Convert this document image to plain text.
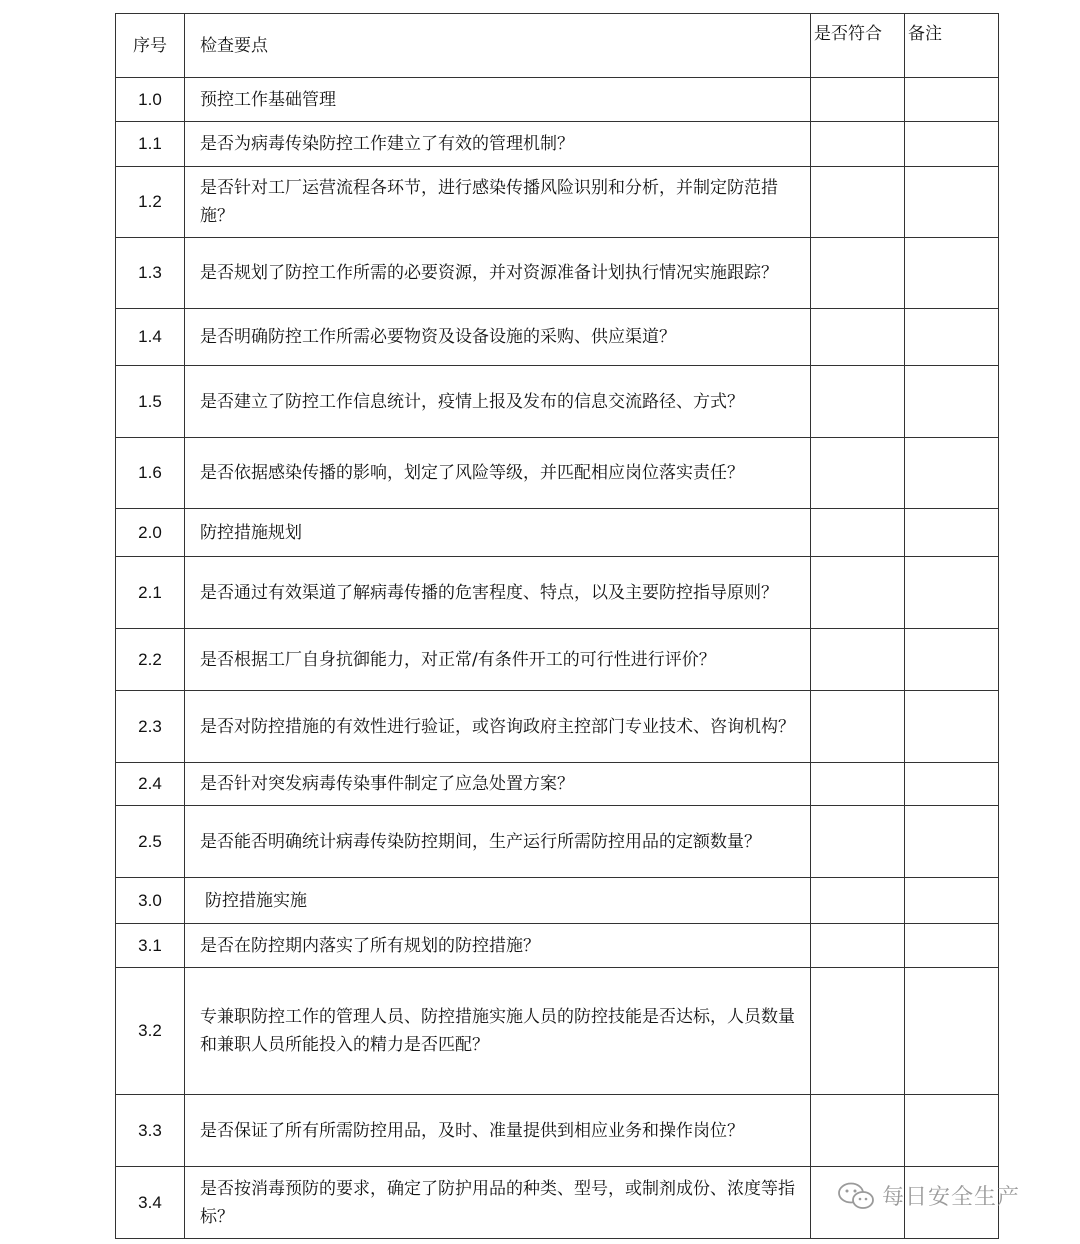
序号	检查要点	是否符合	备注
1.0	预控工作基础管理		

1.1	是否为病毒传染防控工作建立了有效的管理机制？		

1.2	是否针对工厂运营流程各环节，进行感染传播风险识别和分析，并制定防范措施？		

1.3	是否规划了防控工作所需的必要资源，并对资源准备计划执行情况实施跟踪？		

1.4	是否明确防控工作所需必要物资及设备设施的采购、供应渠道？		

1.5	是否建立了防控工作信息统计，疫情上报及发布的信息交流路径、方式？		

1.6	是否依据感染传播的影响，划定了风险等级，并匹配相应岗位落实责任？		

2.0	防控措施规划		

2.1	是否通过有效渠道了解病毒传播的危害程度、特点，以及主要防控指导原则？		

2.2	是否根据工厂自身抗御能力，对正常/有条件开工的可行性进行评价？		

2.3	是否对防控措施的有效性进行验证，或咨询政府主控部门专业技术、咨询机构？		

2.4	是否针对突发病毒传染事件制定了应急处置方案？		

2.5	是否能否明确统计病毒传染防控期间，生产运行所需防控用品的定额数量？		

3.0	防控措施实施		

3.1	是否在防控期内落实了所有规划的防控措施？		

3.2	专兼职防控工作的管理人员、防控措施实施人员的防控技能是否达标，人员数量和兼职人员所能投入的精力是否匹配？		

3.3	是否保证了所有所需防控用品，及时、准量提供到相应业务和操作岗位？		

3.4	是否按消毒预防的要求，确定了防护用品的种类、型号，或制剂成份、浓度等指标？		

每日安全生产
